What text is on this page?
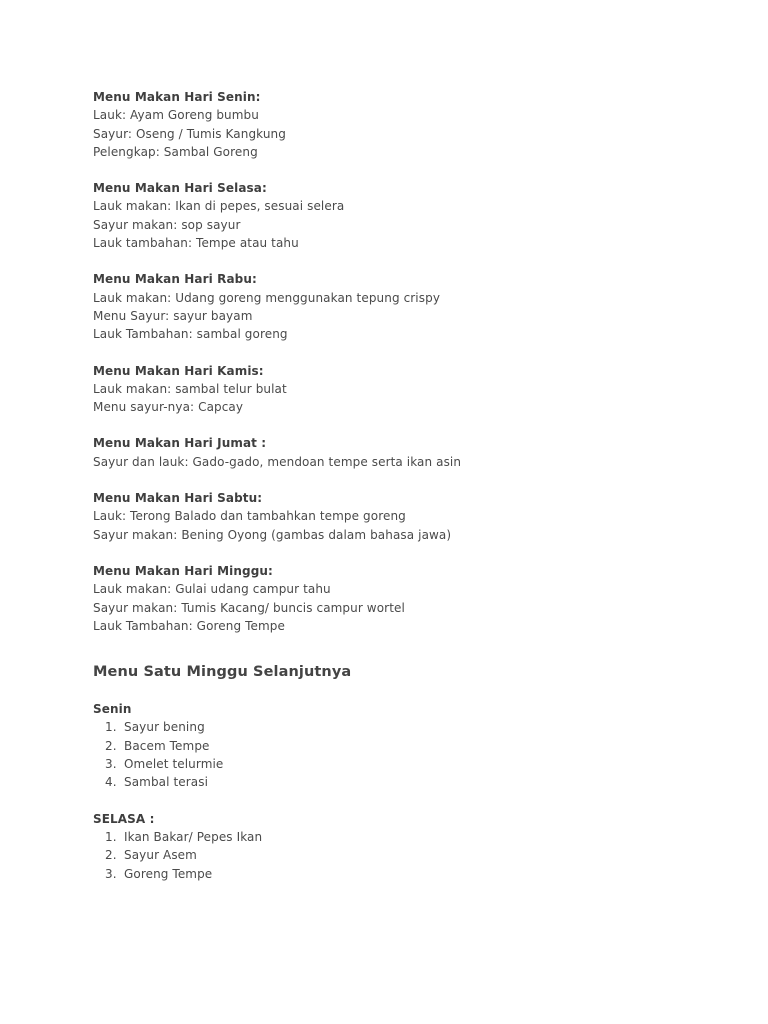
Menu Makan Hari Senin:
Lauk: Ayam Goreng bumbu
Sayur: Oseng / Tumis Kangkung
Pelengkap: Sambal Goreng
Menu Makan Hari Selasa:
Lauk makan: Ikan di pepes, sesuai selera
Sayur makan: sop sayur
Lauk tambahan: Tempe atau tahu
Menu Makan Hari Rabu:
Lauk makan: Udang goreng menggunakan tepung crispy
Menu Sayur: sayur bayam
Lauk Tambahan: sambal goreng
Menu Makan Hari Kamis:
Lauk makan: sambal telur bulat
Menu sayur-nya: Capcay
Menu Makan Hari Jumat :
Sayur dan lauk: Gado-gado, mendoan tempe serta ikan asin
Menu Makan Hari Sabtu:
Lauk: Terong Balado dan tambahkan tempe goreng
Sayur makan: Bening Oyong (gambas dalam bahasa jawa)
Menu Makan Hari Minggu:
Lauk makan: Gulai udang campur tahu
Sayur makan: Tumis Kacang/ buncis campur wortel
Lauk Tambahan: Goreng Tempe
Menu Satu Minggu Selanjutnya
Senin
1. Sayur bening
2. Bacem Tempe
3. Omelet telurmie
4. Sambal terasi
SELASA :
1. Ikan Bakar/ Pepes Ikan
2. Sayur Asem
3. Goreng Tempe
